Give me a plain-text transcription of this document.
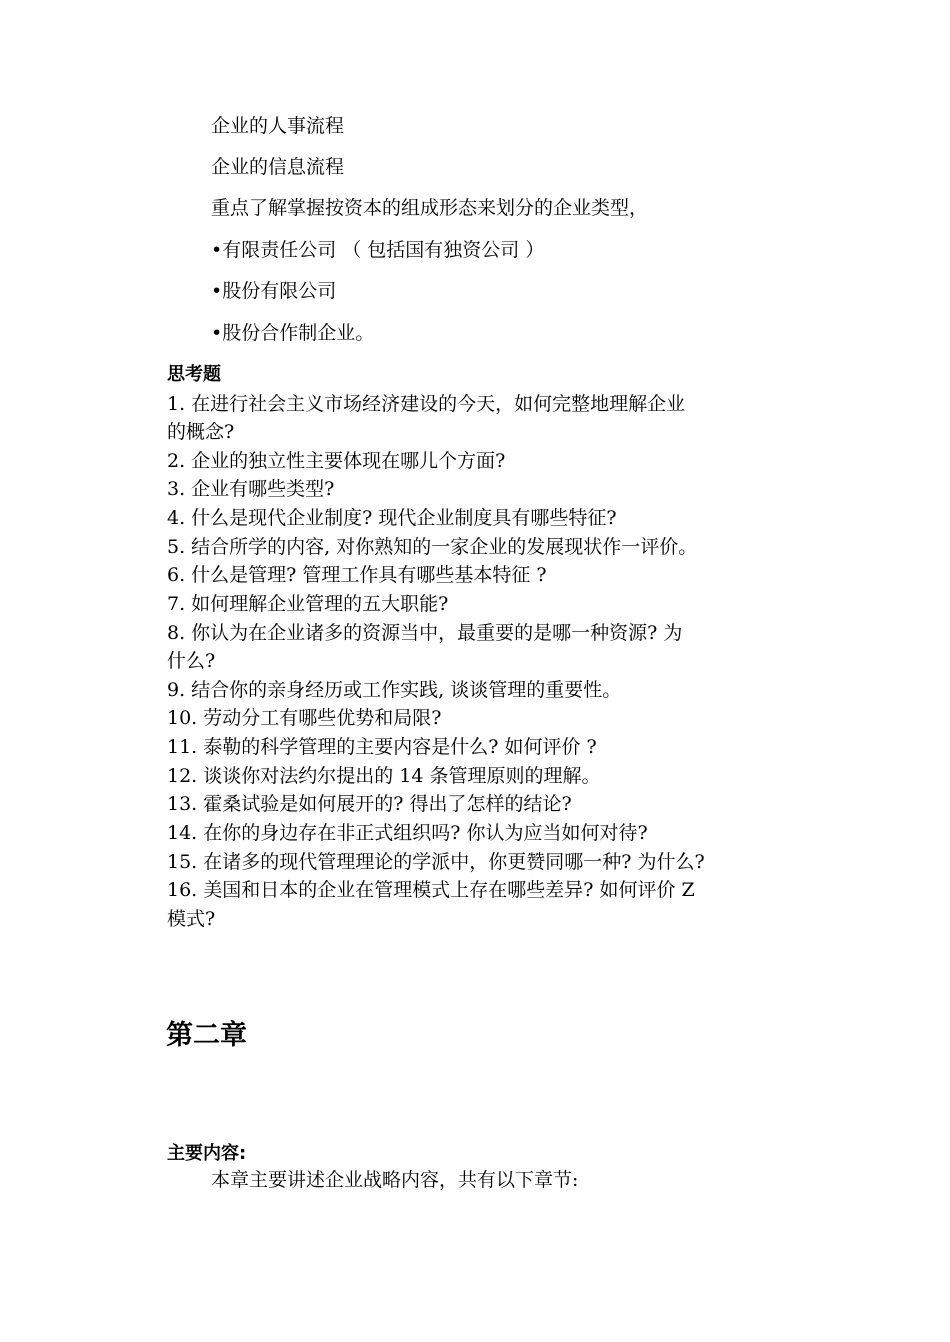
企业的人事流程

企业的信息流程

重点了解掌握按资本的组成形态来划分的企业类型，

•有限责任公司 （ 包括国有独资公司 ）

•股份有限公司

•股份合作制企业。

思考题

1. 在进行社会主义市场经济建设的今天，如何完整地理解企业

的概念?

2. 企业的独立性主要体现在哪儿个方面?

3. 企业有哪些类型?

4. 什么是现代企业制度? 现代企业制度具有哪些特征?

5. 结合所学的内容, 对你熟知的一家企业的发展现状作一评价。

6. 什么是管理? 管理工作具有哪些基本特征 ?

7. 如何理解企业管理的五大职能?

8. 你认为在企业诸多的资源当中，最重要的是哪一种资源? 为

什么?

9. 结合你的亲身经历或工作实践, 谈谈管理的重要性。

10. 劳动分工有哪些优势和局限?

11. 泰勒的科学管理的主要内容是什么? 如何评价 ?

12. 谈谈你对法约尔提出的 14 条管理原则的理解。

13. 霍桑试验是如何展开的? 得出了怎样的结论?

14. 在你的身边存在非正式组织吗? 你认为应当如何对待?

15. 在诸多的现代管理理论的学派中，你更赞同哪一种? 为什么?

16. 美国和日本的企业在管理模式上存在哪些差异? 如何评价 Z

模式?

第二章

主要内容:

本章主要讲述企业战略内容，共有以下章节:
